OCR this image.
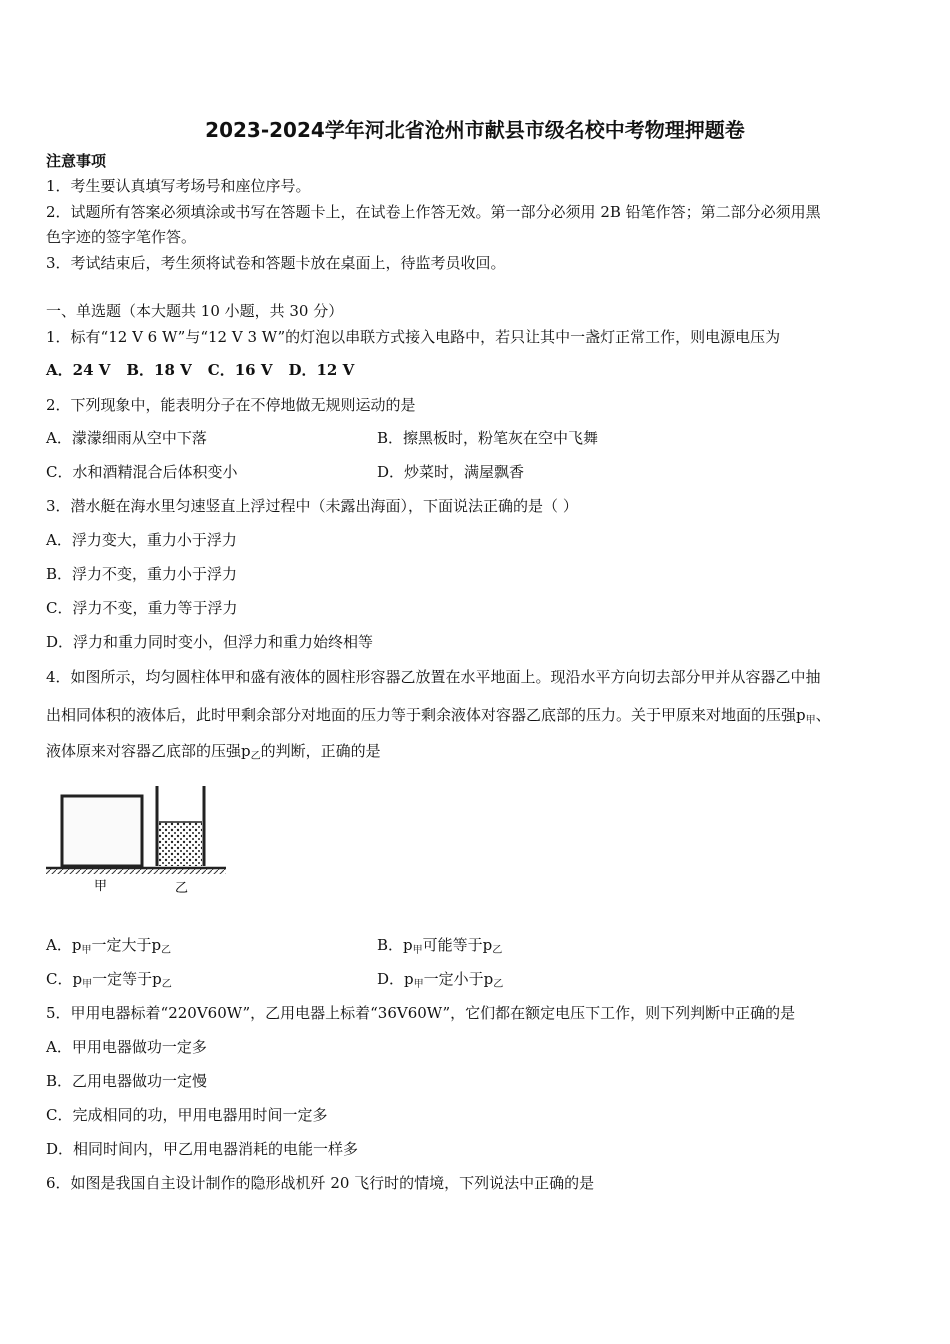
2023-2024学年河北省沧州市献县市级名校中考物理押题卷
注意事项
1．考生要认真填写考场号和座位序号。
2．试题所有答案必须填涂或书写在答题卡上，在试卷上作答无效。第一部分必须用 2B 铅笔作答；第二部分必须用黑
色字迹的签字笔作答。
3．考试结束后，考生须将试卷和答题卡放在桌面上，待监考员收回。
一、单选题（本大题共 10 小题，共 30 分）
1．标有“12 V 6 W”与“12 V 3 W”的灯泡以串联方式接入电路中，若只让其中一盏灯正常工作，则电源电压为
A．24 V B．18 V C．16 V D．12 V
2．下列现象中，能表明分子在不停地做无规则运动的是
A．濛濛细雨从空中下落	B．擦黑板时，粉笔灰在空中飞舞
C．水和酒精混合后体积变小	D．炒菜时，满屋飘香
3．潜水艇在海水里匀速竖直上浮过程中（未露出海面），下面说法正确的是（ ）
A．浮力变大，重力小于浮力
B．浮力不变，重力小于浮力
C．浮力不变，重力等于浮力
D．浮力和重力同时变小，但浮力和重力始终相等
4．如图所示，均匀圆柱体甲和盛有液体的圆柱形容器乙放置在水平地面上。现沿水平方向切去部分甲并从容器乙中抽
出相同体积的液体后，此时甲剩余部分对地面的压力等于剩余液体对容器乙底部的压力。关于甲原来对地面的压强$p_甲$、
液体原来对容器乙底部的压强$p_乙$的判断，正确的是
甲	乙
A．$p_甲$一定大于$p_乙$	B．$p_甲$可能等于$p_乙$
C．$p_甲$一定等于$p_乙$	D．$p_甲$一定小于$p_乙$
5．甲用电器标着“220V60W”，乙用电器上标着“36V60W”，它们都在额定电压下工作，则下列判断中正确的是
A．甲用电器做功一定多
B．乙用电器做功一定慢
C．完成相同的功，甲用电器用时间一定多
D．相同时间内，甲乙用电器消耗的电能一样多
6．如图是我国自主设计制作的隐形战机歼 20 飞行时的情境，下列说法中正确的是
